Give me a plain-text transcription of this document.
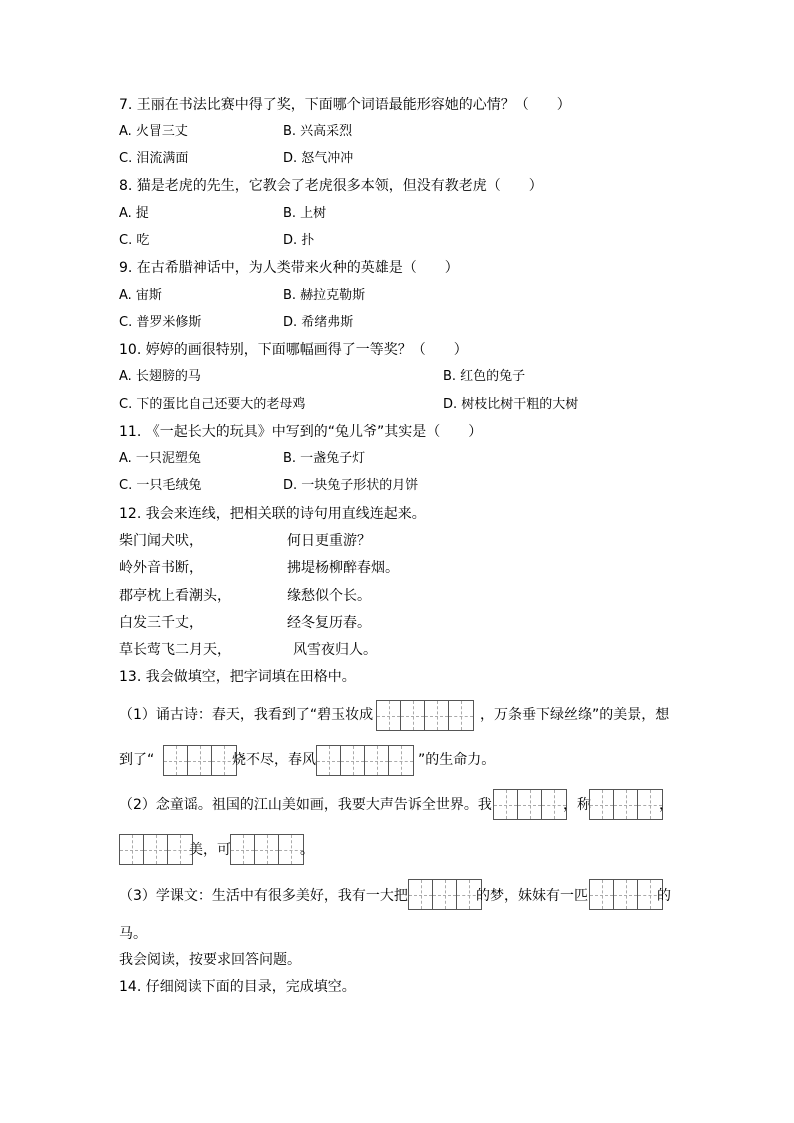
7. 王丽在书法比赛中得了奖，下面哪个词语最能形容她的心情？（　　）
A. 火冒三丈	B. 兴高采烈
C. 泪流满面	D. 怒气冲冲
8. 猫是老虎的先生，它教会了老虎很多本领，但没有教老虎（　　）
A. 捉	B. 上树
C. 吃	D. 扑
9. 在古希腊神话中，为人类带来火种的英雄是（　　）
A. 宙斯	B. 赫拉克勒斯
C. 普罗米修斯	D. 希绪弗斯
10. 婷婷的画很特别，下面哪幅画得了一等奖？（　　）
A. 长翅膀的马	B. 红色的兔子
C. 下的蛋比自己还要大的老母鸡	D. 树枝比树干粗的大树
11. 《一起长大的玩具》中写到的“兔儿爷”其实是（　　）
A. 一只泥塑兔	B. 一盏兔子灯
C. 一只毛绒兔	D. 一块兔子形状的月饼
12. 我会来连线，把相关联的诗句用直线连起来。
柴门闻犬吠，	何日更重游？
岭外音书断，	拂堤杨柳醉春烟。
郡亭枕上看潮头，	缘愁似个长。
白发三千丈，	经冬复历春。
草长莺飞二月天，	风雪夜归人。
13. 我会做填空，把字词填在田格中。
（1）诵古诗：春天，我看到了“碧玉妆成	，万条垂下绿丝绦”的美景，想
到了“	烧不尽，春风	”的生命力。
（2）念童谣。祖国的江山美如画，我要大声告诉全世界。我	，称	，
美，可	。
（3）学课文：生活中有很多美好，我有一大把	的梦，妹妹有一匹	的
马。
我会阅读，按要求回答问题。
14. 仔细阅读下面的目录，完成填空。
